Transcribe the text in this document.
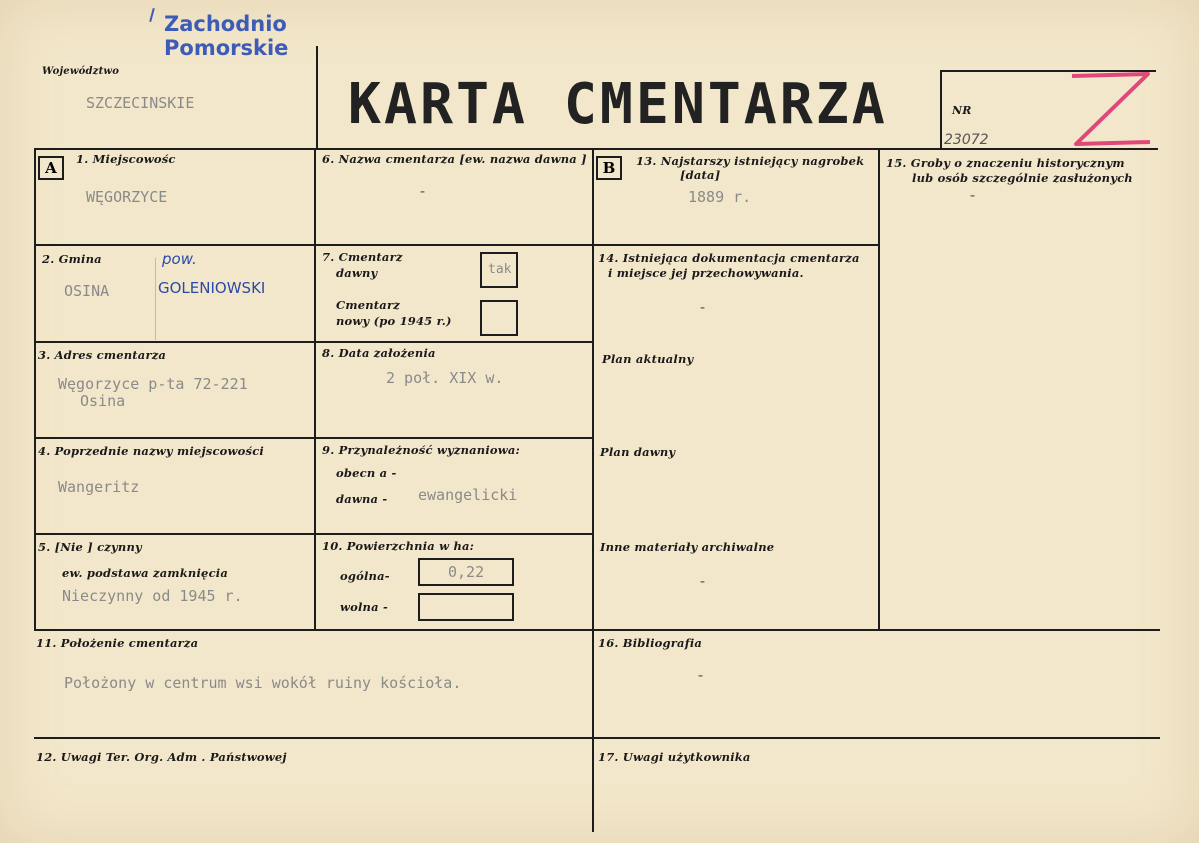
Zachodnio
Pomorskie
Województwo
SZCZECINSKIE	KARTA CMENTARZA	NR
23072
A	B
1. Miejscowośc
WĘGORZYCE
2. Gmina	pow.
OSINA	GOLENIOWSKI
3. Adres cmentarza
Węgorzyce p-ta 72-221
Osina
4. Poprzednie nazwy miejscowości
Wangeritz
5. [Nie ] czynny
ew. podstawa zamknięcia
Nieczynny od 1945 r.
6. Nazwa cmentarza [ew. nazwa dawna ]
-
7. Cmentarz
dawny	tak
Cmentarz
nowy (po 1945 r.)
8. Data założenia
2 poł. XIX w.
9. Przynależność wyznaniowa:
obecn a -
dawna - ewangelicki
10. Powierzchnia w ha:
ogólna-	0,22
wolna -
13. Najstarszy istniejący nagrobek
[data]
1889 r.
14. Istniejąca dokumentacja cmentarza
i miejsce jej przechowywania.
-
Plan aktualny
Plan dawny
Inne materiały archiwalne
-
15. Groby o znaczeniu historycznym
lub osób szczególnie zasłużonych
-
11. Położenie cmentarza
Położony w centrum wsi wokół ruiny kościoła.
16. Bibliografia
-
12. Uwagi Ter. Org. Adm . Państwowej	17. Uwagi użytkownika
